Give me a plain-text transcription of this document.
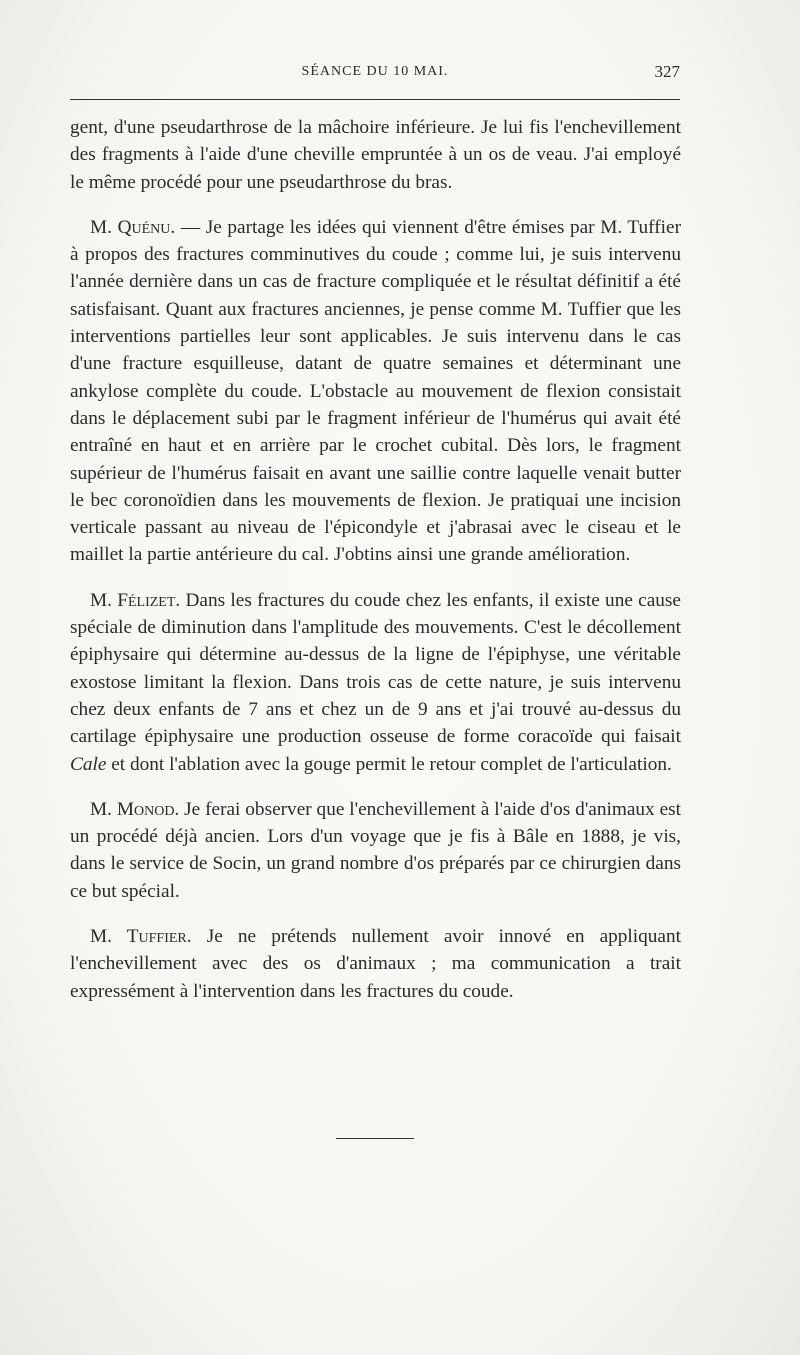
SÉANCE DU 10 MAI.	327

gent, d'une pseudarthrose de la mâchoire inférieure. Je lui fis l'enchevillement des fragments à l'aide d'une cheville empruntée à un os de veau. J'ai employé le même procédé pour une pseudarthrose du bras.

M. Quénu. — Je partage les idées qui viennent d'être émises par M. Tuffier à propos des fractures comminutives du coude ; comme lui, je suis intervenu l'année dernière dans un cas de fracture compliquée et le résultat définitif a été satisfaisant. Quant aux fractures anciennes, je pense comme M. Tuffier que les interventions partielles leur sont applicables. Je suis intervenu dans le cas d'une fracture esquilleuse, datant de quatre semaines et déterminant une ankylose complète du coude. L'obstacle au mouvement de flexion consistait dans le déplacement subi par le fragment inférieur de l'humérus qui avait été entraîné en haut et en arrière par le crochet cubital. Dès lors, le fragment supérieur de l'humérus faisait en avant une saillie contre laquelle venait butter le bec coronoïdien dans les mouvements de flexion. Je pratiquai une incision verticale passant au niveau de l'épicondyle et j'abrasai avec le ciseau et le maillet la partie antérieure du cal. J'obtins ainsi une grande amélioration.

M. Félizet. Dans les fractures du coude chez les enfants, il existe une cause spéciale de diminution dans l'amplitude des mouvements. C'est le décollement épiphysaire qui détermine au-dessus de la ligne de l'épiphyse, une véritable exostose limitant la flexion. Dans trois cas de cette nature, je suis intervenu chez deux enfants de 7 ans et chez un de 9 ans et j'ai trouvé au-dessus du cartilage épiphysaire une production osseuse de forme coracoïde qui faisait Cale et dont l'ablation avec la gouge permit le retour complet de l'articulation.

M. Monod. Je ferai observer que l'enchevillement à l'aide d'os d'animaux est un procédé déjà ancien. Lors d'un voyage que je fis à Bâle en 1888, je vis, dans le service de Socin, un grand nombre d'os préparés par ce chirurgien dans ce but spécial.

M. Tuffier. Je ne prétends nullement avoir innové en appliquant l'enchevillement avec des os d'animaux ; ma communication a trait expressément à l'intervention dans les fractures du coude.
